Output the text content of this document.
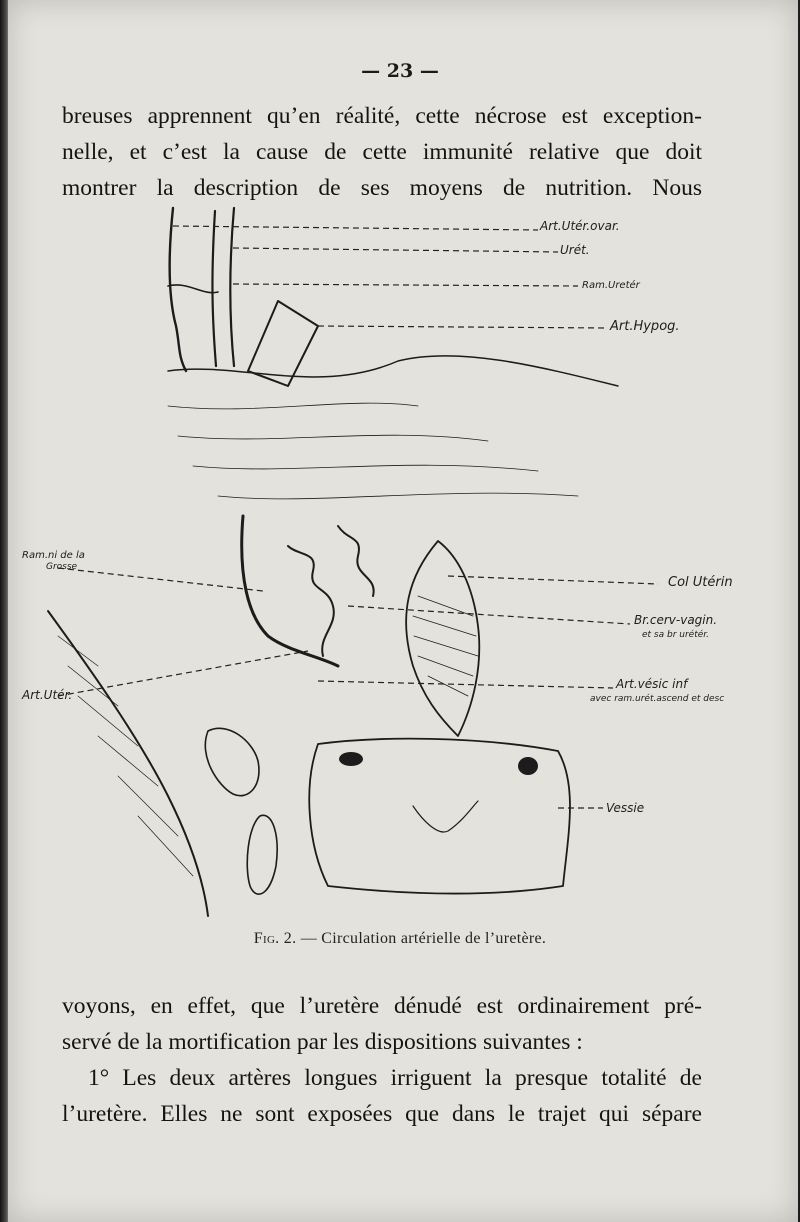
— 23 —
breuses apprennent qu’en réalité, cette nécrose est exception-
nelle, et c’est la cause de cette immunité relative que doit
montrer la description de ses moyens de nutrition. Nous
Art.Utér.ovar.
Urét.
Ram.Uretér
Art.Hypog.
Ram.ni de la
Grosse
Col Utérin
Br.cerv-vagin.
et sa br urétér.
Art.Utér.
Art.vésic inf
avec ram.urét.ascend et desc
Vessie
Fig. 2. — Circulation artérielle de l’uretère.
voyons, en effet, que l’uretère dénudé est ordinairement pré-
servé de la mortification par les dispositions suivantes :
1° Les deux artères longues irriguent la presque totalité de
l’uretère. Elles ne sont exposées que dans le trajet qui sépare
